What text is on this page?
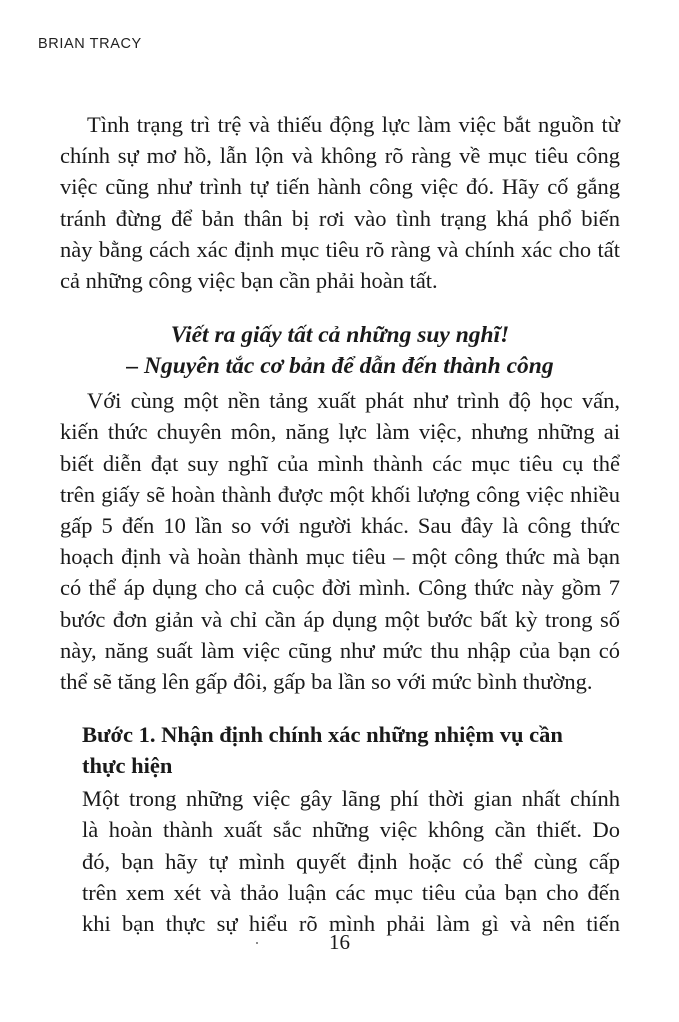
BRIAN TRACY

Tình trạng trì trệ và thiếu động lực làm việc bắt nguồn từ
chính sự mơ hồ, lẫn lộn và không rõ ràng về mục tiêu công
việc cũng như trình tự tiến hành công việc đó. Hãy cố gắng
tránh đừng để bản thân bị rơi vào tình trạng khá phổ biến
này bằng cách xác định mục tiêu rõ ràng và chính xác cho tất
cả những công việc bạn cần phải hoàn tất.

Viết ra giấy tất cả những suy nghĩ!
– Nguyên tắc cơ bản để dẫn đến thành công

Với cùng một nền tảng xuất phát như trình độ học vấn,
kiến thức chuyên môn, năng lực làm việc, nhưng những ai
biết diễn đạt suy nghĩ của mình thành các mục tiêu cụ thể
trên giấy sẽ hoàn thành được một khối lượng công việc nhiều
gấp 5 đến 10 lần so với người khác. Sau đây là công thức
hoạch định và hoàn thành mục tiêu – một công thức mà bạn
có thể áp dụng cho cả cuộc đời mình. Công thức này gồm 7
bước đơn giản và chỉ cần áp dụng một bước bất kỳ trong số
này, năng suất làm việc cũng như mức thu nhập của bạn có
thể sẽ tăng lên gấp đôi, gấp ba lần so với mức bình thường.

Bước 1. Nhận định chính xác những nhiệm vụ cần
thực hiện

Một trong những việc gây lãng phí thời gian nhất chính
là hoàn thành xuất sắc những việc không cần thiết. Do
đó, bạn hãy tự mình quyết định hoặc có thể cùng cấp
trên xem xét và thảo luận các mục tiêu của bạn cho đến
khi bạn thực sự hiểu rõ mình phải làm gì và nên tiến

16
